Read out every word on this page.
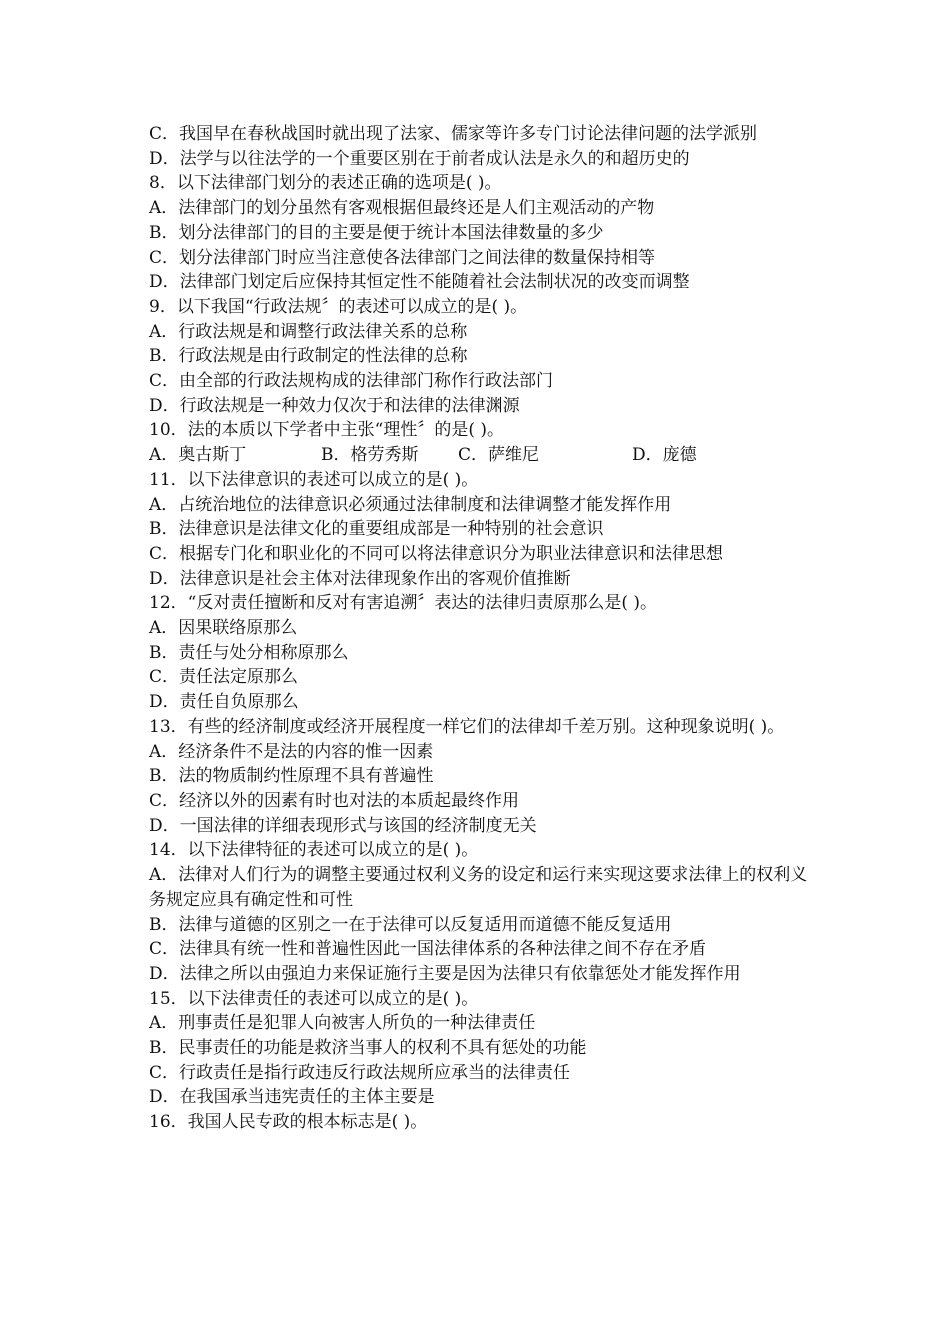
C．我国早在春秋战国时就出现了法家、儒家等许多专门讨论法律问题的法学派别
D．法学与以往法学的一个重要区别在于前者成认法是永久的和超历史的
8．以下法律部门划分的表述正确的选项是( )。
A．法律部门的划分虽然有客观根据但最终还是人们主观活动的产物
B．划分法律部门的目的主要是便于统计本国法律数量的多少
C．划分法律部门时应当注意使各法律部门之间法律的数量保持相等
D．法律部门划定后应保持其恒定性不能随着社会法制状况的改变而调整
9．以下我国“行政法规〞的表述可以成立的是( )。
A．行政法规是和调整行政法律关系的总称
B．行政法规是由行政制定的性法律的总称
C．由全部的行政法规构成的法律部门称作行政法部门
D．行政法规是一种效力仅次于和法律的法律渊源
10．法的本质以下学者中主张“理性〞的是( )。
A．奥古斯丁	B．格劳秀斯	C．萨维尼	D．庞德
11．以下法律意识的表述可以成立的是( )。
A．占统治地位的法律意识必须通过法律制度和法律调整才能发挥作用
B．法律意识是法律文化的重要组成部是一种特别的社会意识
C．根据专门化和职业化的不同可以将法律意识分为职业法律意识和法律思想
D．法律意识是社会主体对法律现象作出的客观价值推断
12．“反对责任擅断和反对有害追溯〞表达的法律归责原那么是( )。
A．因果联络原那么
B．责任与处分相称原那么
C．责任法定原那么
D．责任自负原那么
13．有些的经济制度或经济开展程度一样它们的法律却千差万别。这种现象说明( )。
A．经济条件不是法的内容的惟一因素
B．法的物质制约性原理不具有普遍性
C．经济以外的因素有时也对法的本质起最终作用
D．一国法律的详细表现形式与该国的经济制度无关
14．以下法律特征的表述可以成立的是( )。
A．法律对人们行为的调整主要通过权利义务的设定和运行来实现这要求法律上的权利义务规定应具有确定性和可性
B．法律与道德的区别之一在于法律可以反复适用而道德不能反复适用
C．法律具有统一性和普遍性因此一国法律体系的各种法律之间不存在矛盾
D．法律之所以由强迫力来保证施行主要是因为法律只有依靠惩处才能发挥作用
15．以下法律责任的表述可以成立的是( )。
A．刑事责任是犯罪人向被害人所负的一种法律责任
B．民事责任的功能是救济当事人的权利不具有惩处的功能
C．行政责任是指行政违反行政法规所应承当的法律责任
D．在我国承当违宪责任的主体主要是
16．我国人民专政的根本标志是( )。
